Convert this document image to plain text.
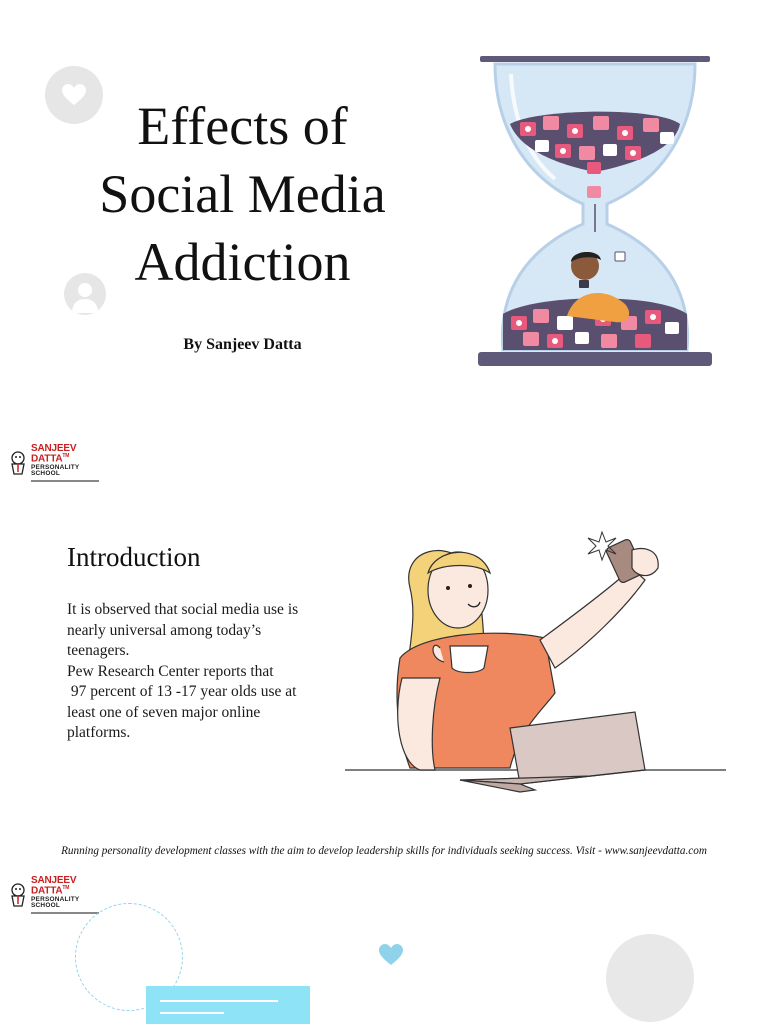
Effects of
Social Media
Addiction
By Sanjeev Datta
SANJEEV DATTA™
PERSONALITY SCHOOL
Introduction

It is observed that social media use is nearly universal among today’s teenagers.

Pew Research Center reports that

97 percent of 13 -17 year olds use at least one of seven major online platforms.

Running personality development classes with the aim to develop leadership skills for individuals seeking success. Visit - www.sanjeevdatta.com
SANJEEV DATTA™
PERSONALITY SCHOOL
